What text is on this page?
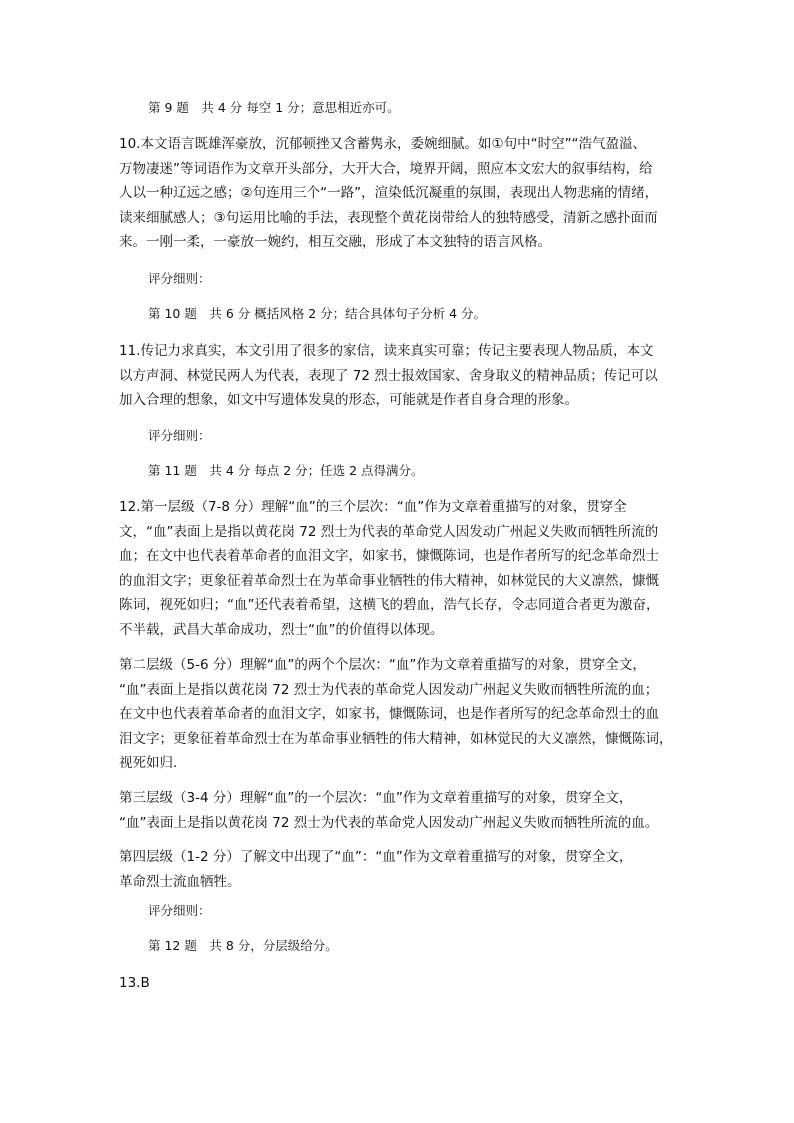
第 9 题　共 4 分 每空 1 分；意思相近亦可。
10.本文语言既雄浑豪放，沉郁顿挫又含蓄隽永，委婉细腻。如①句中“时空”“浩气盈溢、
万物凄迷”等词语作为文章开头部分，大开大合，境界开阔，照应本文宏大的叙事结构，给
人以一种辽远之感；②句连用三个“一路”，渲染低沉凝重的氛围，表现出人物悲痛的情绪，
读来细腻感人；③句运用比喻的手法，表现整个黄花岗带给人的独特感受，清新之感扑面而
来。一刚一柔，一豪放一婉约，相互交融，形成了本文独特的语言风格。
评分细则：
第 10 题　共 6 分 概括风格 2 分；结合具体句子分析 4 分。
11.传记力求真实，本文引用了很多的家信，读来真实可靠；传记主要表现人物品质，本文
以方声洞、林觉民两人为代表，表现了 72 烈士报效国家、舍身取义的精神品质；传记可以
加入合理的想象，如文中写遗体发臭的形态，可能就是作者自身合理的形象。
评分细则：
第 11 题　共 4 分 每点 2 分；任选 2 点得满分。
12.第一层级（7-8 分）理解“血”的三个层次：“血”作为文章着重描写的对象，贯穿全
文，“血”表面上是指以黄花岗 72 烈士为代表的革命党人因发动广州起义失败而牺牲所流的
血；在文中也代表着革命者的血泪文字，如家书，慷慨陈词，也是作者所写的纪念革命烈士
的血泪文字；更象征着革命烈士在为革命事业牺牲的伟大精神，如林觉民的大义凛然，慷慨
陈词，视死如归；“血”还代表着希望，这横飞的碧血，浩气长存，令志同道合者更为激奋，
不半载，武昌大革命成功，烈士“血”的价值得以体现。
第二层级（5-6 分）理解“血”的两个个层次：“血”作为文章着重描写的对象，贯穿全文，
“血”表面上是指以黄花岗 72 烈士为代表的革命党人因发动广州起义失败而牺牲所流的血；
在文中也代表着革命者的血泪文字，如家书，慷慨陈词，也是作者所写的纪念革命烈士的血
泪文字；更象征着革命烈士在为革命事业牺牲的伟大精神，如林觉民的大义凛然，慷慨陈词，
视死如归.
第三层级（3-4 分）理解“血”的一个层次：“血”作为文章着重描写的对象，贯穿全文，
“血”表面上是指以黄花岗 72 烈士为代表的革命党人因发动广州起义失败而牺牲所流的血。
第四层级（1-2 分）了解文中出现了“血”：“血”作为文章着重描写的对象，贯穿全文，
革命烈士流血牺牲。
评分细则：
第 12 题　共 8 分，分层级给分。
13.B
